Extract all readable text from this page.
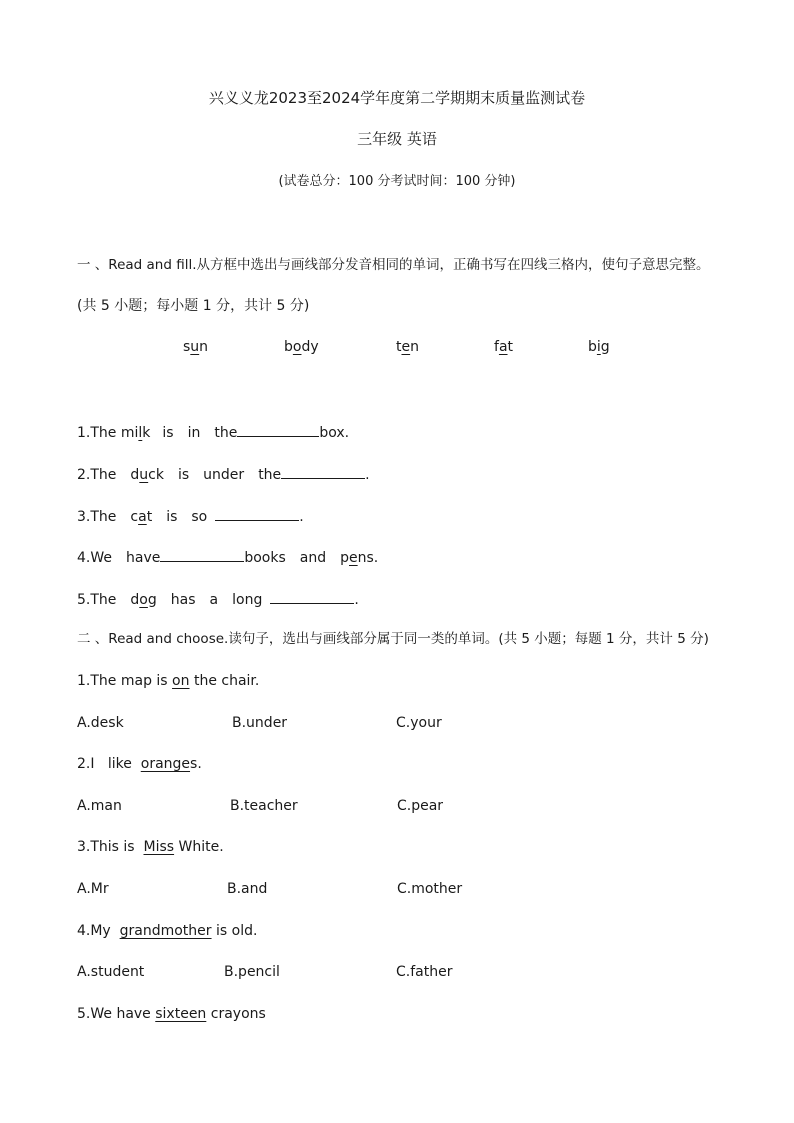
兴义义龙2023至2024学年度第二学期期末质量监测试卷
三年级 英语
(试卷总分：100 分考试时间：100 分钟)
一 、Read and fill.从方框中选出与画线部分发音相同的单词，正确书写在四线三格内，使句子意思完整。
(共 5 小题；每小题 1 分，共计 5 分)
sun	body	ten	fat	big
1.The milk is in the	box.
2.The duck is under the	.
3.The cat is so	.
4.We have	books and pens.
5.The dog has a long	.
二 、Read and choose.读句子，选出与画线部分属于同一类的单词。(共 5 小题；每题 1 分，共计 5 分)
1.The map is on the chair.
A.desk	B.under	C.your
2.I   like  oranges.
A.man	B.teacher	C.pear
3.This is  Miss White.
A.Mr	B.and	C.mother
4.My  grandmother is old.
A.student	B.pencil	C.father
5.We have sixteen crayons
